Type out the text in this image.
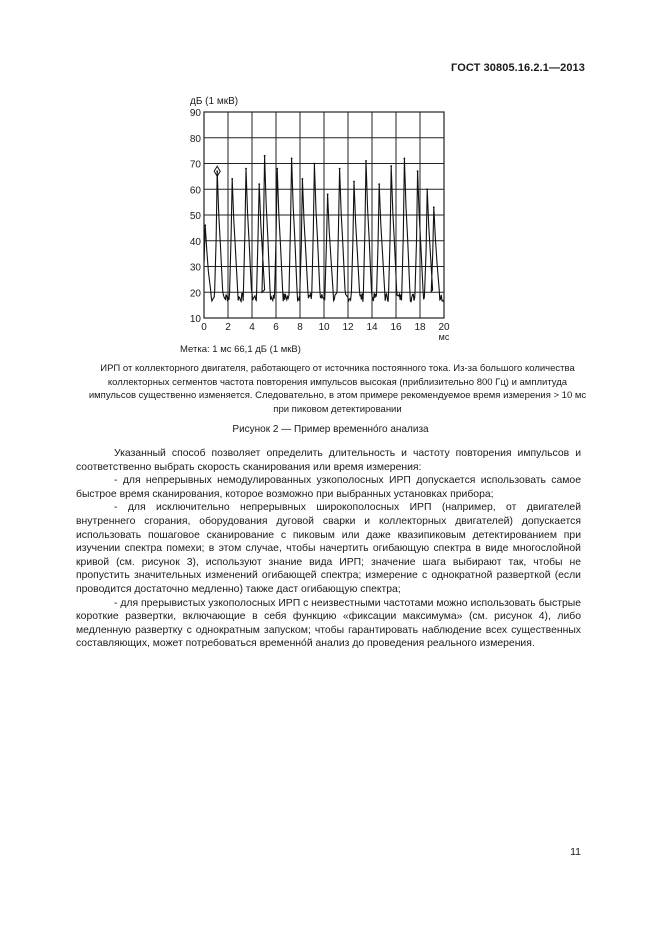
ГОСТ 30805.16.2.1—2013
90
80
70
60
50
40
30
20
10
0 2 4 6 8 10 12 14 16 18 20
мс
дБ (1 мкВ)
Метка: 1 мс 66,1 дБ (1 мкВ)
ИРП от коллекторного двигателя, работающего от источника постоянного тока. Из-за большого количества
коллекторных сегментов частота повторения импульсов высокая (приблизительно 800 Гц) и амплитуда
импульсов существенно изменяется. Следовательно, в этом примере рекомендуемое время измерения > 10 мс
при пиковом детектировании
Рисунок 2 — Пример временно́го анализа

Указанный способ позволяет определить длительность и частоту повторения импульсов и соответственно выбрать скорость сканирования или время измерения:

- для непрерывных немодулированных узкополосных ИРП допускается использовать самое быстрое время сканирования, которое возможно при выбранных установках прибора;

- для исключительно непрерывных широкополосных ИРП (например, от двигателей внутреннего сгорания, оборудования дуговой сварки и коллекторных двигателей) допускается использовать пошаговое сканирование с пиковым или даже квазипиковым детектированием при изучении спектра помехи; в этом случае, чтобы начертить огибающую спектра в виде многослойной кривой (см. рисунок 3), используют знание вида ИРП; значение шага выбирают так, чтобы не пропустить значительных изменений огибающей спектра; измерение с однократной разверткой (если проводится достаточно медленно) также даст огибающую спектра;

- для прерывистых узкополосных ИРП с неизвестными частотами можно использовать быстрые короткие развертки, включающие в себя функцию «фиксации максимума» (см. рисунок 4), либо медленную развертку с однократным запуском; чтобы гарантировать наблюдение всех существенных составляющих, может потребоваться временно́й анализ до проведения реального измерения.

11
